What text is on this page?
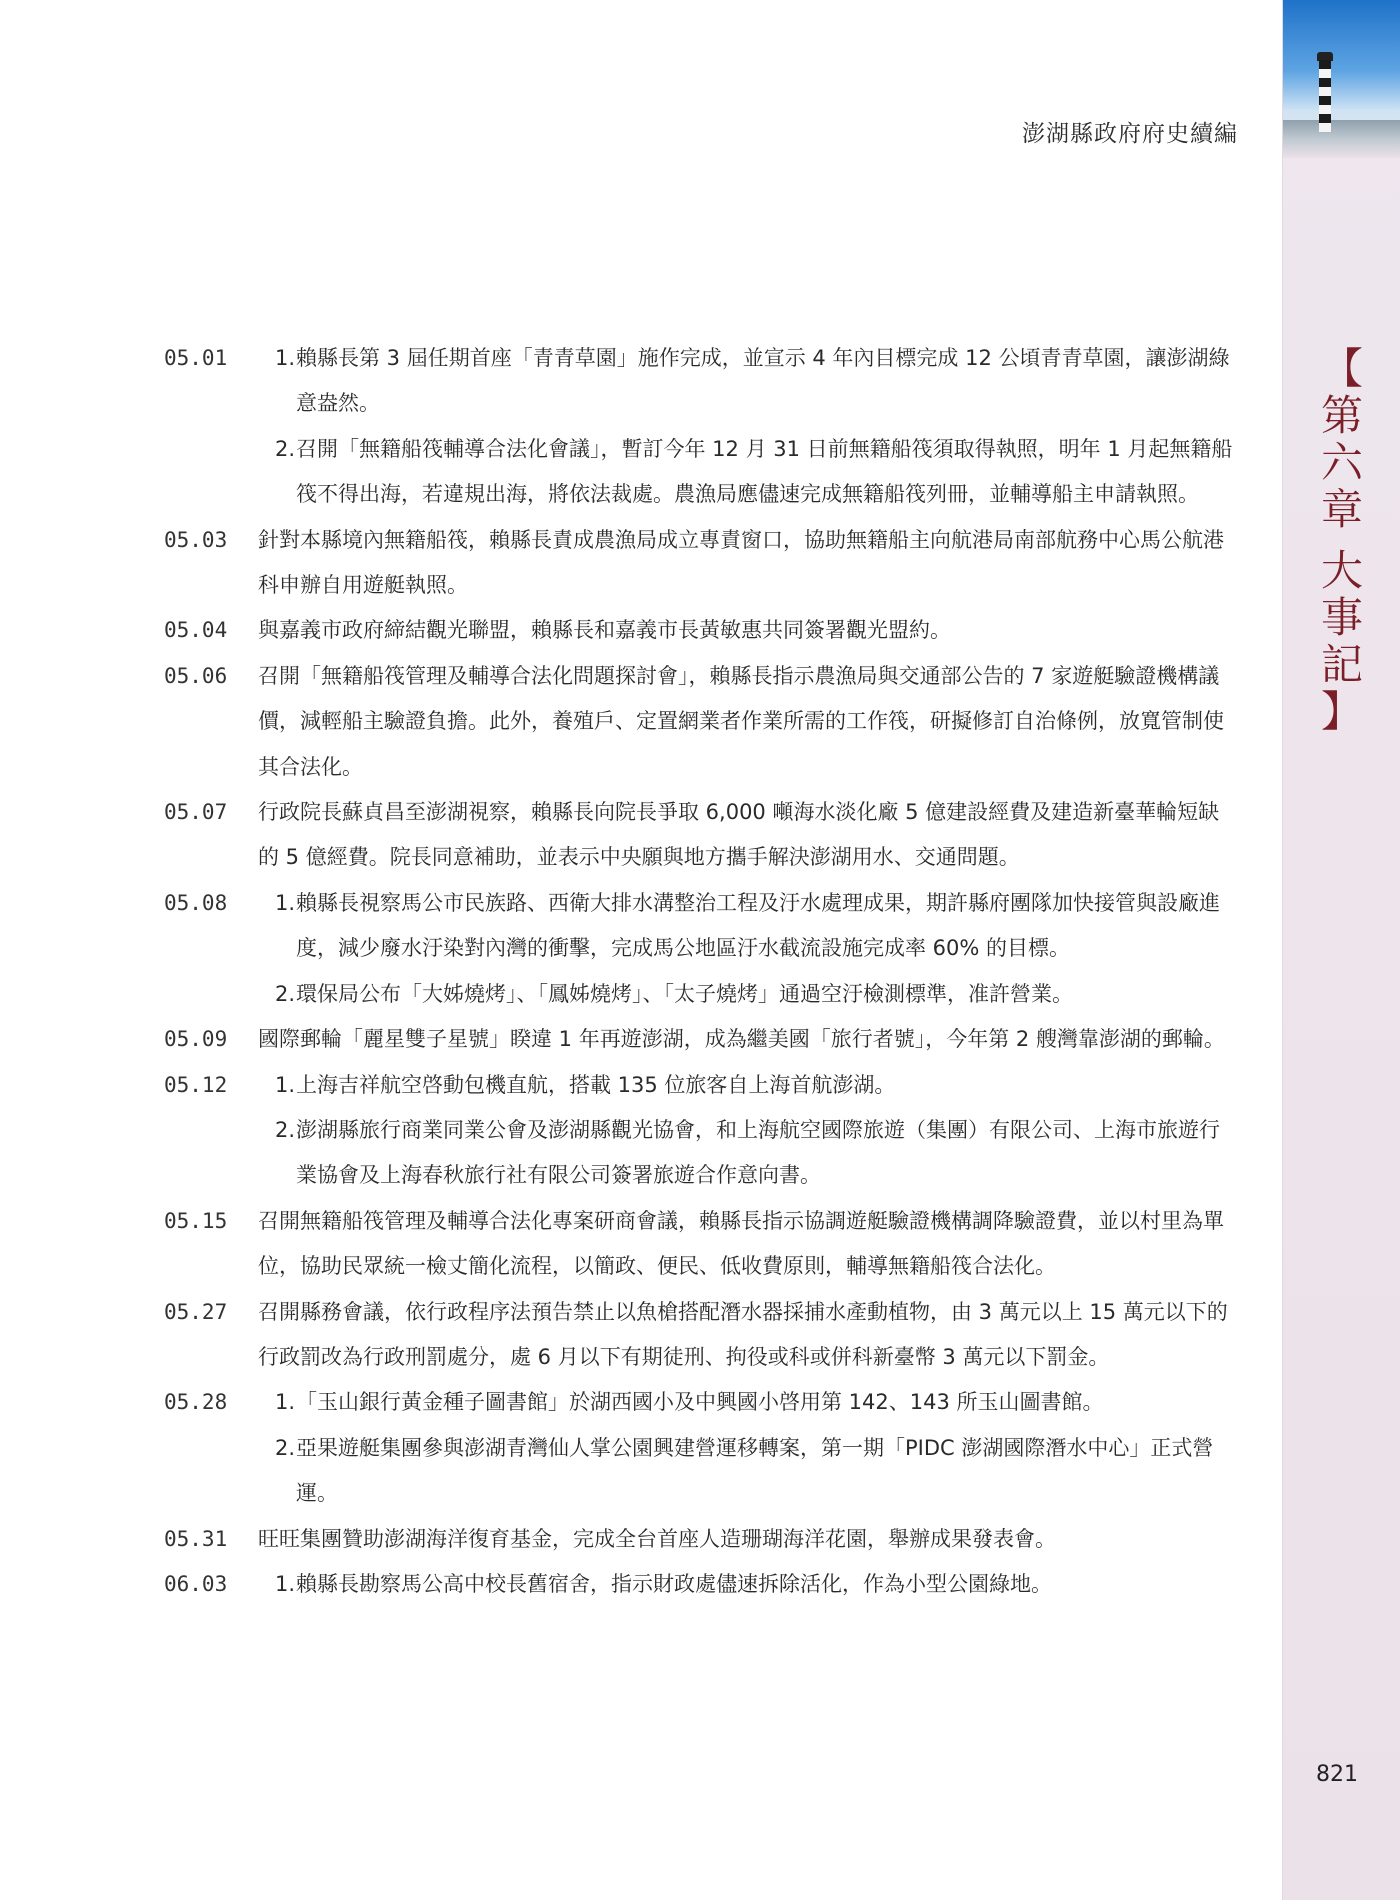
【
第
六
章
大
事
記
】
澎湖縣政府府史續編
05.01	1. 賴縣長第 3 屆任期首座「青青草園」施作完成，並宣示 4 年內目標完成 12 公頃青青草園，讓澎湖綠意盎然。
2. 召開「無籍船筏輔導合法化會議」，暫訂今年 12 月 31 日前無籍船筏須取得執照，明年 1 月起無籍船筏不得出海，若違規出海，將依法裁處。農漁局應儘速完成無籍船筏列冊，並輔導船主申請執照。
05.03	針對本縣境內無籍船筏，賴縣長責成農漁局成立專責窗口，協助無籍船主向航港局南部航務中心馬公航港科申辦自用遊艇執照。
05.04	與嘉義市政府締結觀光聯盟，賴縣長和嘉義市長黃敏惠共同簽署觀光盟約。
05.06	召開「無籍船筏管理及輔導合法化問題探討會」，賴縣長指示農漁局與交通部公告的 7 家遊艇驗證機構議價，減輕船主驗證負擔。此外，養殖戶、定置網業者作業所需的工作筏，研擬修訂自治條例，放寬管制使其合法化。
05.07	行政院長蘇貞昌至澎湖視察，賴縣長向院長爭取 6,000 噸海水淡化廠 5 億建設經費及建造新臺華輪短缺的 5 億經費。院長同意補助，並表示中央願與地方攜手解決澎湖用水、交通問題。
05.08	1. 賴縣長視察馬公市民族路、西衛大排水溝整治工程及汙水處理成果，期許縣府團隊加快接管與設廠進度，減少廢水汙染對內灣的衝擊，完成馬公地區汙水截流設施完成率 60% 的目標。
2. 環保局公布「大姊燒烤」、「鳳姊燒烤」、「太子燒烤」通過空汙檢測標準，准許營業。
05.09	國際郵輪「麗星雙子星號」睽違 1 年再遊澎湖，成為繼美國「旅行者號」，今年第 2 艘灣靠澎湖的郵輪。
05.12	1. 上海吉祥航空啓動包機直航，搭載 135 位旅客自上海首航澎湖。
2. 澎湖縣旅行商業同業公會及澎湖縣觀光協會，和上海航空國際旅遊（集團）有限公司、上海市旅遊行業協會及上海春秋旅行社有限公司簽署旅遊合作意向書。
05.15	召開無籍船筏管理及輔導合法化專案研商會議，賴縣長指示協調遊艇驗證機構調降驗證費，並以村里為單位，協助民眾統一檢丈簡化流程，以簡政、便民、低收費原則，輔導無籍船筏合法化。
05.27	召開縣務會議，依行政程序法預告禁止以魚槍搭配潛水器採捕水產動植物，由 3 萬元以上 15 萬元以下的行政罰改為行政刑罰處分，處 6 月以下有期徒刑、拘役或科或併科新臺幣 3 萬元以下罰金。
05.28	1. 「玉山銀行黃金種子圖書館」於湖西國小及中興國小啓用第 142、143 所玉山圖書館。
2. 亞果遊艇集團參與澎湖青灣仙人掌公園興建營運移轉案，第一期「PIDC 澎湖國際潛水中心」正式營運。
05.31	旺旺集團贊助澎湖海洋復育基金，完成全台首座人造珊瑚海洋花園，舉辦成果發表會。
06.03	1. 賴縣長勘察馬公高中校長舊宿舍，指示財政處儘速拆除活化，作為小型公園綠地。
821
